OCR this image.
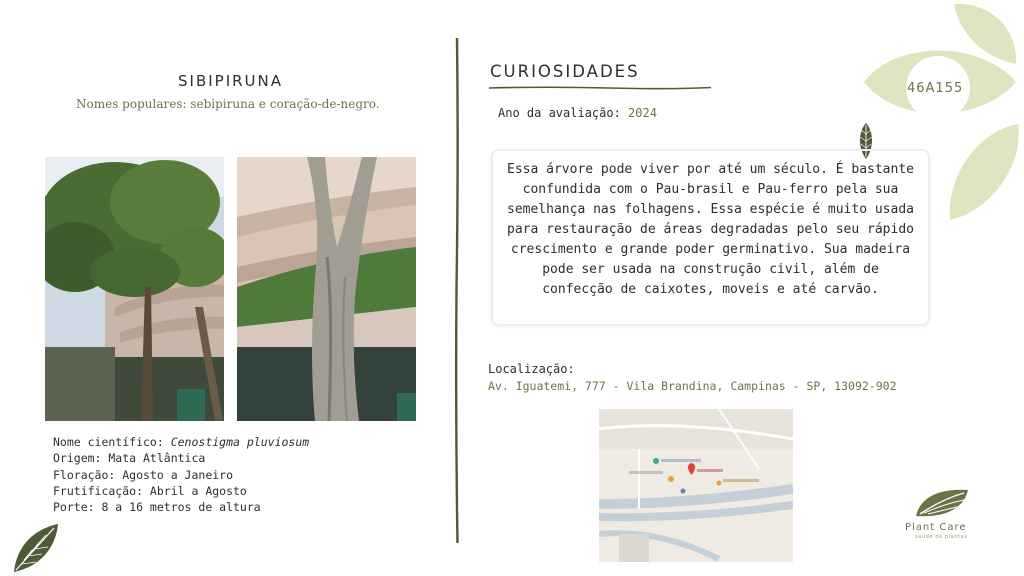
SIBIPIRUNA
Nomes populares: sebipiruna e coração-de-negro.
Nome científico: Cenostigma pluviosum
Origem: Mata Atlântica
Floração: Agosto a Janeiro
Frutificação: Abril a Agosto
Porte: 8 a 16 metros de altura
CURIOSIDADES
Ano da avaliação: 2024
Essa árvore pode viver por até um século. É bastante confundida com o Pau-brasil e Pau-ferro pela sua semelhança nas folhagens. Essa espécie é muito usada para restauração de áreas degradadas pelo seu rápido crescimento e grande poder germinativo. Sua madeira pode ser usada na construção civil, além de confecção de caixotes, moveis e até carvão.
Localização:
Av. Iguatemi, 777 - Vila Brandina, Campinas - SP, 13092-902
46A155
Plant Care
saúde de plantas
